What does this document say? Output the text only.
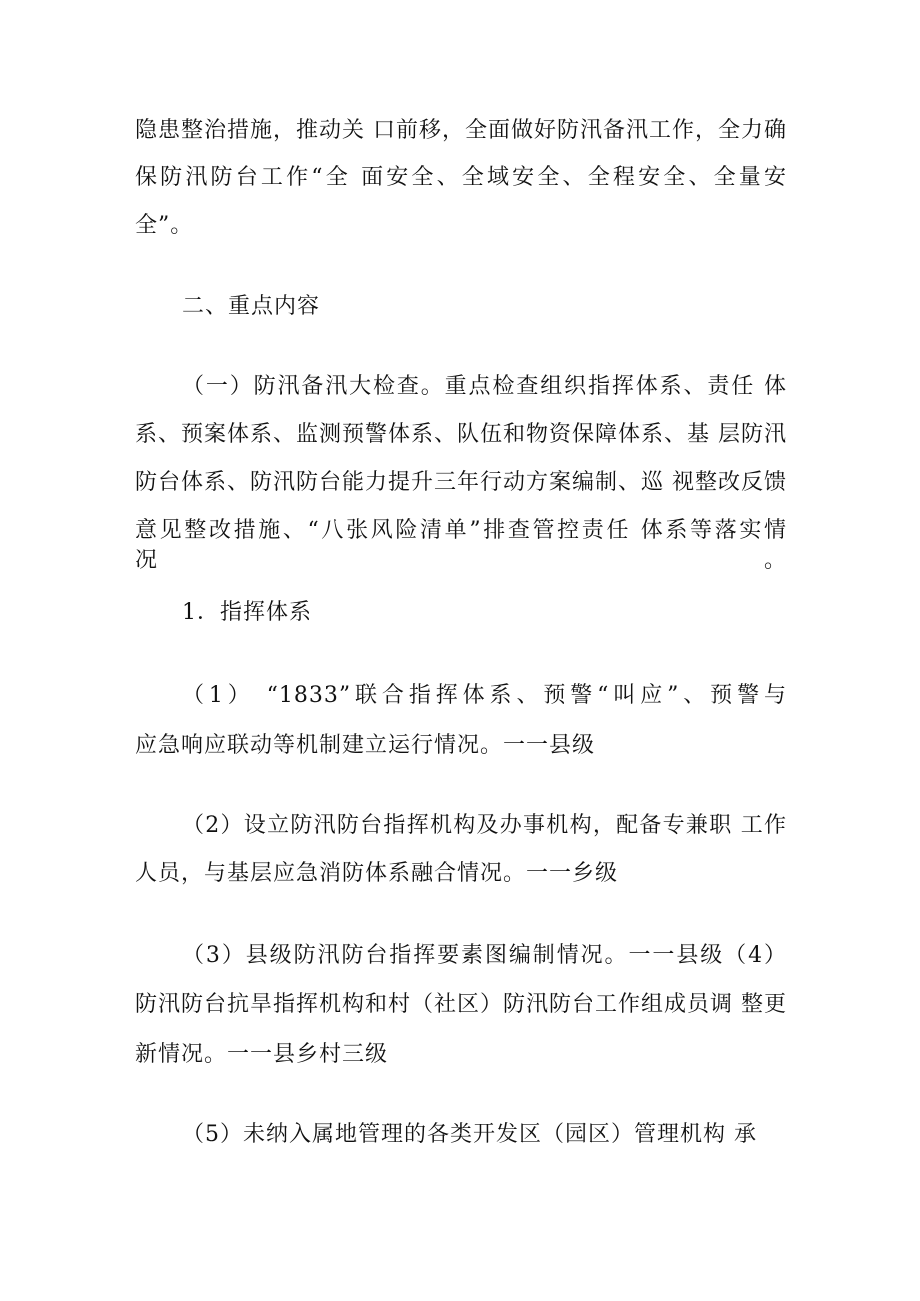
隐患整治措施，推动关 口前移，全面做好防汛备汛工作，全力确
保防汛防台工作“全 面安全、全域安全、全程安全、全量安
全”。
二、重点内容
（一）防汛备汛大检查。重点检查组织指挥体系、责任 体
系、预案体系、监测预警体系、队伍和物资保障体系、基 层防汛
防台体系、防汛防台能力提升三年行动方案编制、巡 视整改反馈
意见整改措施、“八张风险清单”排查管控责任 体系等落实情况。
1．指挥体系
（1） “1833”联合指挥体系、预警“叫应”、预警与
应急响应联动等机制建立运行情况。一一县级
（2）设立防汛防台指挥机构及办事机构，配备专兼职 工作
人员，与基层应急消防体系融合情况。一一乡级
（3）县级防汛防台指挥要素图编制情况。一一县级（4）
防汛防台抗旱指挥机构和村（社区）防汛防台工作组成员调 整更
新情况。一一县乡村三级
（5）未纳入属地管理的各类开发区（园区）管理机构 承
